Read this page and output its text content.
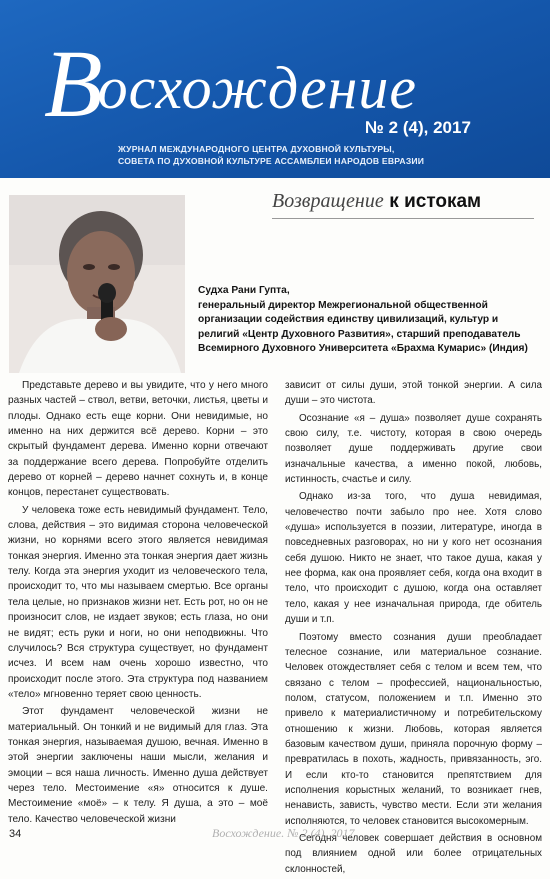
Восхождение
№ 2 (4), 2017
ЖУРНАЛ МЕЖДУНАРОДНОГО ЦЕНТРА ДУХОВНОЙ КУЛЬТУРЫ,
СОВЕТА ПО ДУХОВНОЙ КУЛЬТУРЕ АССАМБЛЕИ НАРОДОВ ЕВРАЗИИ
Возвращение к истокам

Судха Рани Гупта,

генеральный директор Межрегиональной общественной организации содействия единству цивилизаций, культур и религий «Центр Духовного Развития», старший преподаватель Всемирного Духовного Университета «Брахма Кумарис» (Индия)

Представьте дерево и вы увидите, что у него много разных частей – ствол, ветви, веточки, листья, цветы и плоды. Однако есть еще корни. Они невидимые, но именно на них держится всё дерево. Корни – это скрытый фундамент дерева. Именно корни отвечают за поддержание всего дерева. Попробуйте отделить дерево от корней – дерево начнет сохнуть и, в конце концов, перестанет существовать.

У человека тоже есть невидимый фундамент. Тело, слова, действия – это видимая сторона человеческой жизни, но корнями всего этого является невидимая тонкая энергия. Именно эта тонкая энергия дает жизнь телу. Когда эта энергия уходит из человеческого тела, происходит то, что мы называем смертью. Все органы тела целые, но признаков жизни нет. Есть рот, но он не произносит слов, не издает звуков; есть глаза, но они не видят; есть руки и ноги, но они неподвижны. Что случилось? Вся структура существует, но фундамент исчез. И всем нам очень хорошо известно, что происходит после этого. Эта структура под названием «тело» мгновенно теряет свою ценность.

Этот фундамент человеческой жизни не материальный. Он тонкий и не видимый для глаз. Эта тонкая энергия, называемая душою, вечная. Именно в этой энергии заключены наши мысли, желания и эмоции – вся наша личность. Именно душа действует через тело. Местоимение «я» относится к душе. Местоимение «моё» – к телу. Я душа, а это – моё тело. Качество человеческой жизни

зависит от силы души, этой тонкой энергии. А сила души – это чистота.

Осознание «я – душа» позволяет душе сохранять свою силу, т.е. чистоту, которая в свою очередь позволяет душе поддерживать другие свои изначальные качества, а именно покой, любовь, истинность, счастье и силу.

Однако из-за того, что душа невидимая, человечество почти забыло про нее. Хотя слово «душа» используется в поэзии, литературе, иногда в повседневных разговорах, но ни у кого нет осознания себя душою. Никто не знает, что такое душа, какая у нее форма, как она проявляет себя, когда она входит в тело, что происходит с душою, когда она оставляет тело, какая у нее изначальная природа, где обитель души и т.п.

Поэтому вместо сознания души преобладает телесное сознание, или материальное сознание. Человек отождествляет себя с телом и всем тем, что связано с телом – профессией, национальностью, полом, статусом, положением и т.п. Именно это привело к материалистичному и потребительскому отношению к жизни. Любовь, которая является базовым качеством души, приняла порочную форму – превратилась в похоть, жадность, привязанность, эго. И если кто-то становится препятствием для исполнения корыстных желаний, то возникает гнев, ненависть, зависть, чувство мести. Если эти желания исполняются, то человек становится высокомерным.

Сегодня человек совершает действия в основном под влиянием одной или более отрицательных склонностей,

34	Восхождение. № 2 (4). 2017
